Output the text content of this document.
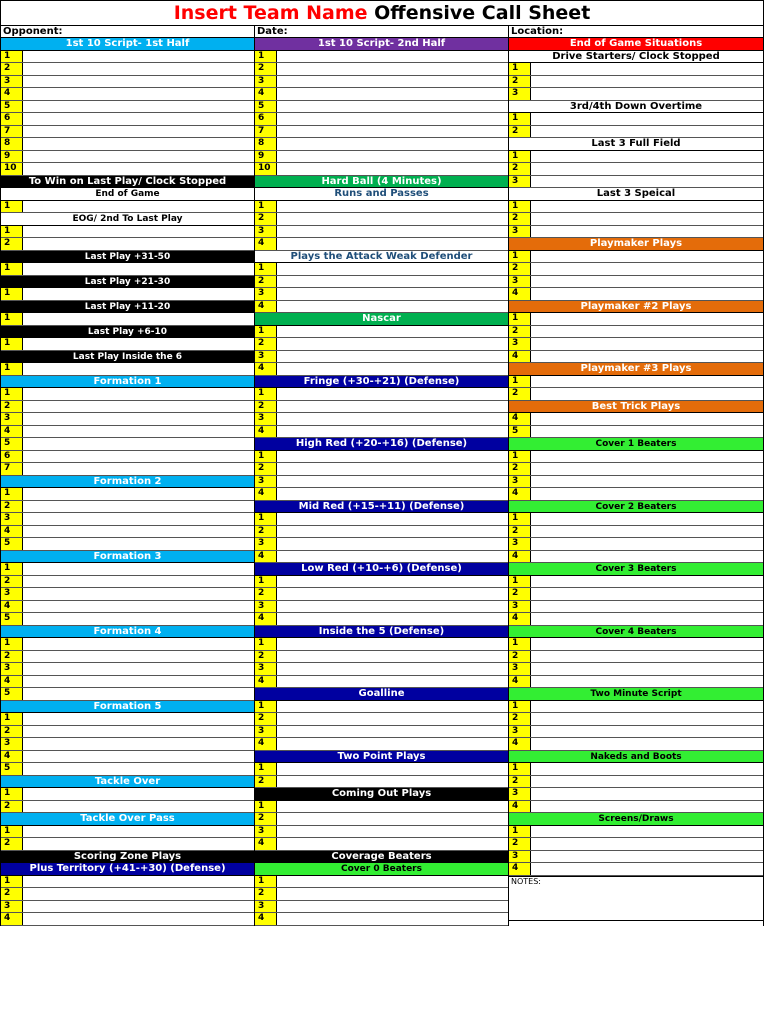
Insert Team Name Offensive Call Sheet
Opponent:
1st 10 Script- 1st Half
1
2
3
4
5
6
7
8
9
10
To Win on Last Play/ Clock Stopped
End of Game
1
EOG/ 2nd To Last Play
1
2
Last Play +31-50
1
Last Play +21-30
1
Last Play +11-20
1
Last Play +6-10
1
Last Play Inside the 6
1
Formation 1
1
2
3
4
5
6
7
Formation 2
1
2
3
4
5
Formation 3
1
2
3
4
5
Formation 4
1
2
3
4
5
Formation 5
1
2
3
4
5
Tackle Over
1
2
Tackle Over Pass
1
2
Scoring Zone Plays
Plus Territory (+41-+30) (Defense)
1
2
3
4
Date:
1st 10 Script- 2nd Half
1
2
3
4
5
6
7
8
9
10
Hard Ball (4 Minutes)
Runs and Passes
1
2
3
4
Plays the Attack Weak Defender
1
2
3
4
Nascar
1
2
3
4
Fringe (+30-+21) (Defense)
1
2
3
4
High Red (+20-+16) (Defense)
1
2
3
4
Mid Red (+15-+11) (Defense)
1
2
3
4
Low Red (+10-+6) (Defense)
1
2
3
4
Inside the 5 (Defense)
1
2
3
4
Goalline
1
2
3
4
Two Point Plays
1
2
Coming Out Plays
1
2
3
4
Coverage Beaters
Cover 0 Beaters
1
2
3
4
Location:
End of Game Situations
Drive Starters/ Clock Stopped
1
2
3
3rd/4th Down Overtime
1
2
Last 3 Full Field
1
2
3
Last 3 Speical
1
2
3
Playmaker Plays
1
2
3
4
Playmaker #2 Plays
1
2
3
4
Playmaker #3 Plays
1
2
Best Trick Plays
4
5
Cover 1 Beaters
1
2
3
4
Cover 2 Beaters
1
2
3
4
Cover 3 Beaters
1
2
3
4
Cover 4 Beaters
1
2
3
4
Two Minute Script
1
2
3
4
Nakeds and Boots
1
2
3
4
Screens/Draws
1
2
3
4
NOTES:
